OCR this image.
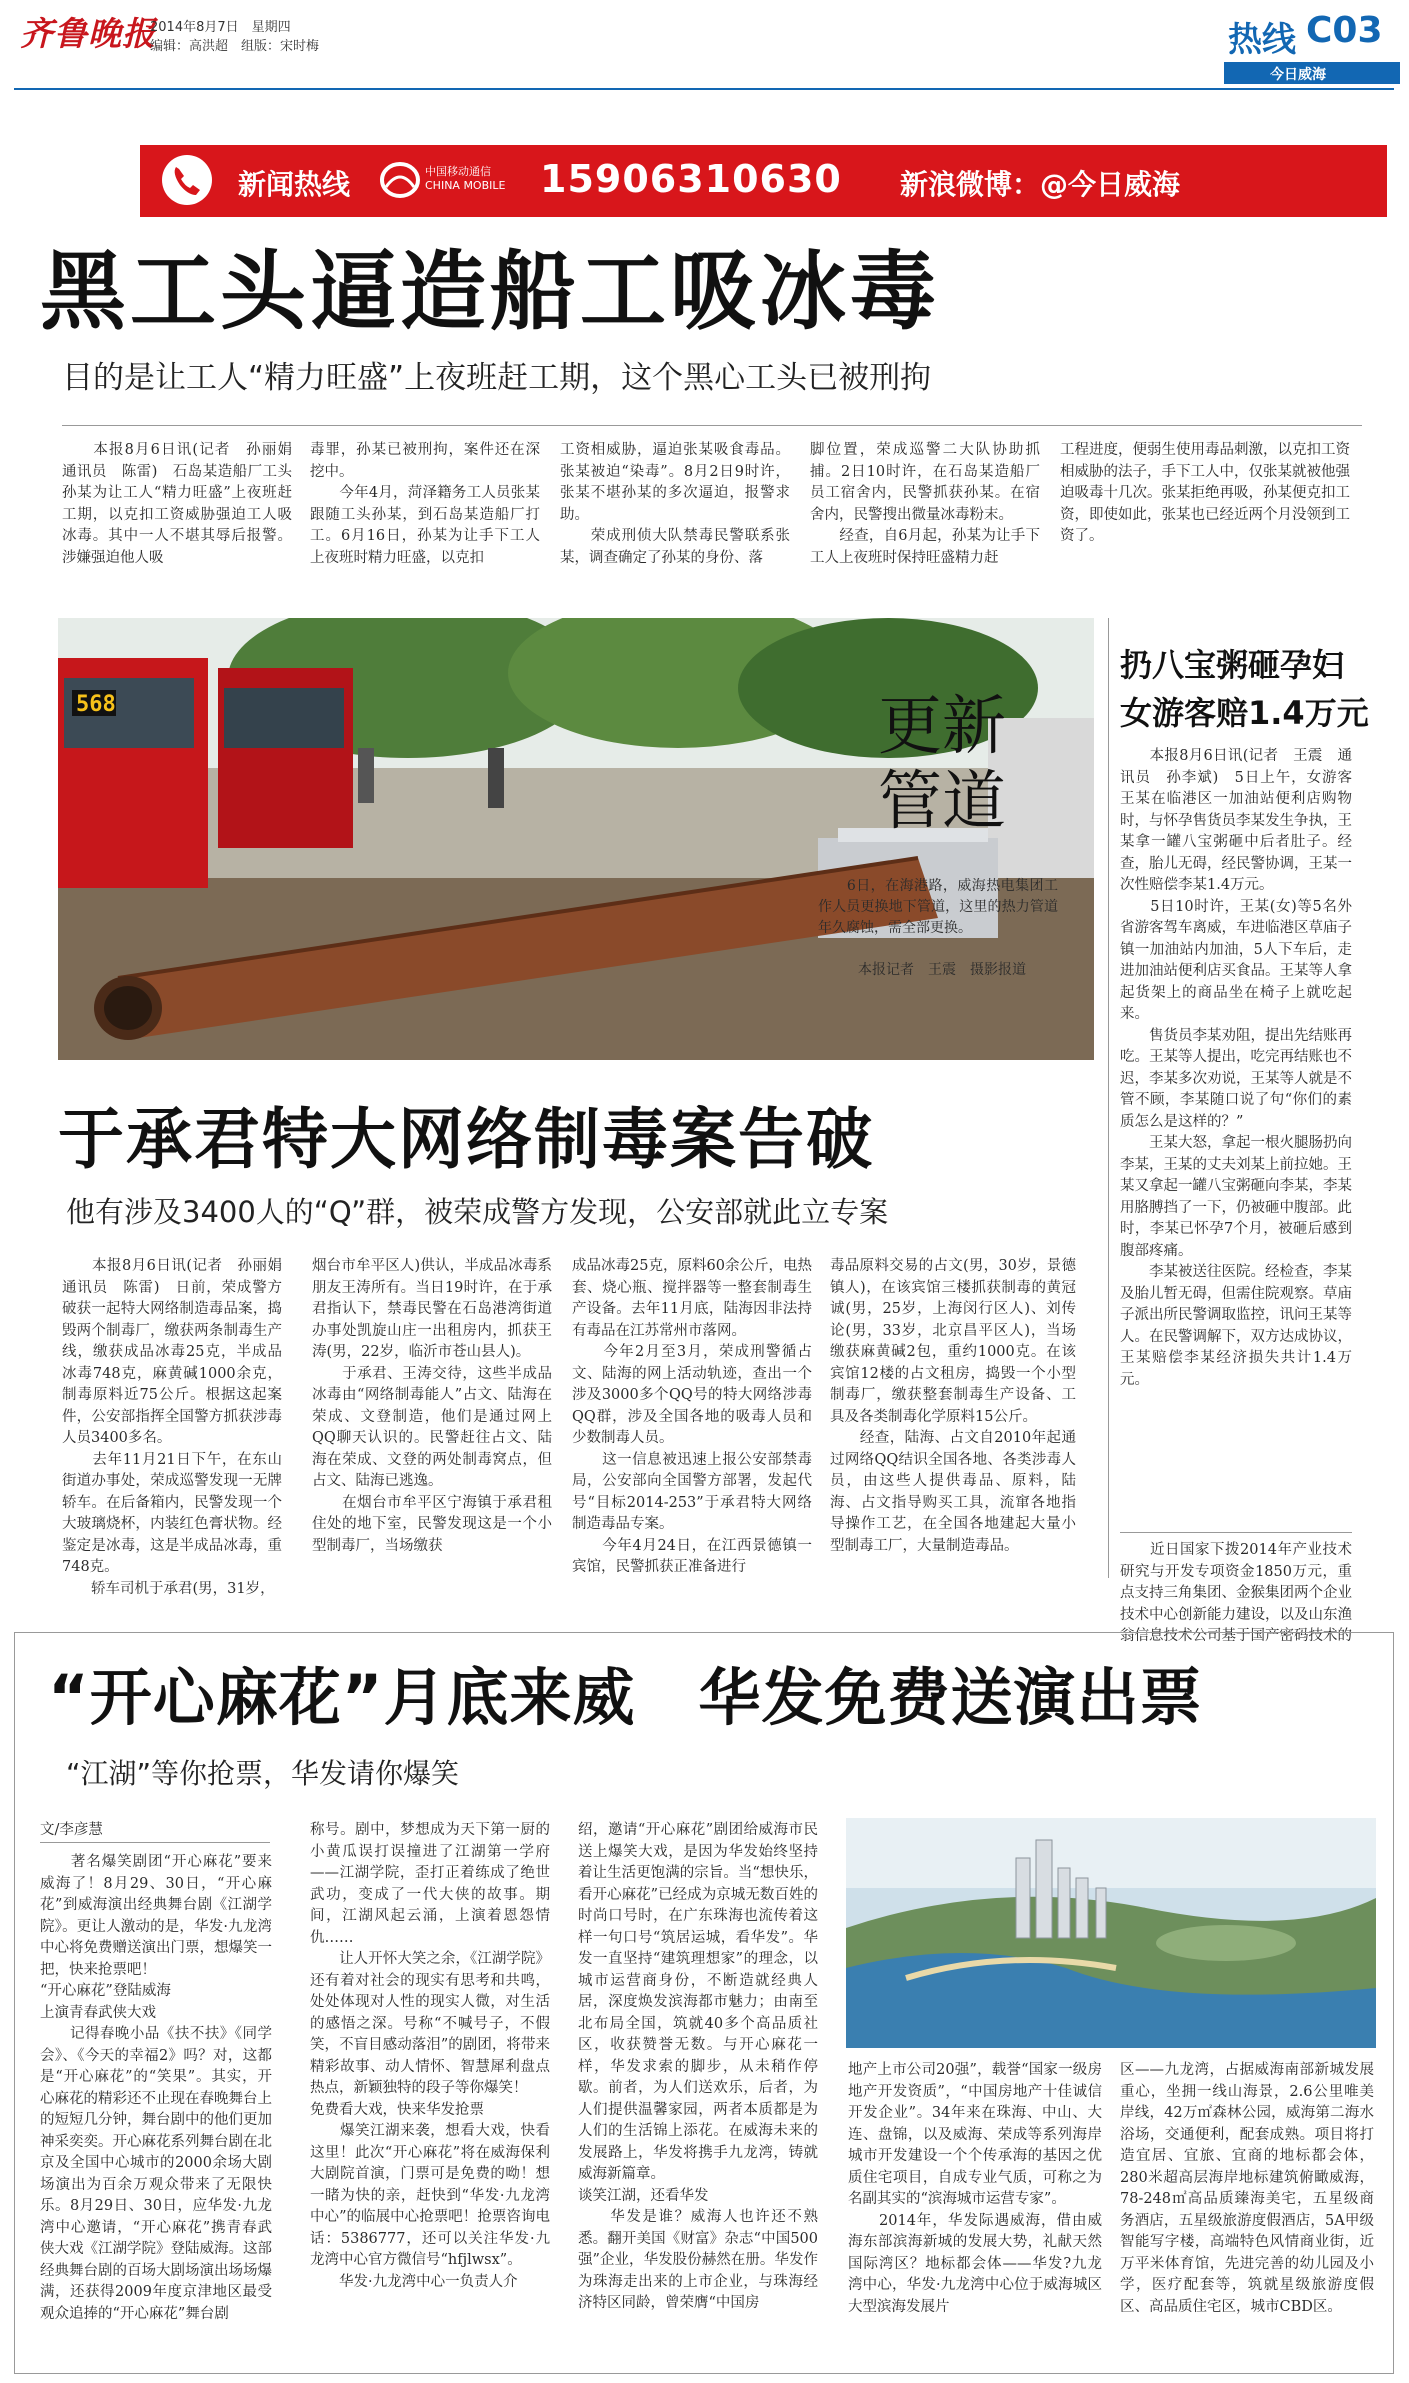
齐鲁晚报
2014年8月7日　星期四
编辑：高洪超　组版：宋时梅	热线 C03
今日威海
新闻热线	中国移动通信 CHINA MOBILE 15906310630 新浪微博：@今日威海
黑工头逼造船工吸冰毒
目的是让工人“精力旺盛”上夜班赶工期，这个黑心工头已被刑拘
　　本报8月6日讯(记者　孙丽娟　通讯员　陈雷)　石岛某造船厂工头孙某为让工人“精力旺盛”上夜班赶工期，以克扣工资威胁强迫工人吸冰毒。其中一人不堪其辱后报警。涉嫌强迫他人吸
毒罪，孙某已被刑拘，案件还在深挖中。
　　今年4月，菏泽籍务工人员张某跟随工头孙某，到石岛某造船厂打工。6月16日，孙某为让手下工人上夜班时精力旺盛，以克扣
工资相威胁，逼迫张某吸食毒品。张某被迫“染毒”。8月2日9时许，张某不堪孙某的多次逼迫，报警求助。
　　荣成刑侦大队禁毒民警联系张某，调查确定了孙某的身份、落
脚位置，荣成巡警二大队协助抓捕。2日10时许，在石岛某造船厂员工宿舍内，民警抓获孙某。在宿舍内，民警搜出微量冰毒粉末。
　　经查，自6月起，孙某为让手下工人上夜班时保持旺盛精力赶
工程进度，便弱生使用毒品刺激，以克扣工资相威胁的法子，手下工人中，仅张某就被他强迫吸毒十几次。张某拒绝再吸，孙某便克扣工资，即使如此，张某也已经近两个月没领到工资了。
568	更新管道
　　6日，在海港路，威海热电集团工作人员更换地下管道，这里的热力管道年久腐蚀，需全部更换。
本报记者　王震　摄影报道
扔八宝粥砸孕妇
女游客赔1.4万元
　　本报8月6日讯(记者　王震　通讯员　孙李斌)　5日上午，女游客王某在临港区一加油站便利店购物时，与怀孕售货员李某发生争执，王某拿一罐八宝粥砸中后者肚子。经查，胎儿无碍，经民警协调，王某一次性赔偿李某1.4万元。
　　5日10时许，王某(女)等5名外省游客驾车离威，车进临港区草庙子镇一加油站内加油，5人下车后，走进加油站便利店买食品。王某等人拿起货架上的商品坐在椅子上就吃起来。
　　售货员李某劝阻，提出先结账再吃。王某等人提出，吃完再结账也不迟，李某多次劝说，王某等人就是不管不顾，李某随口说了句“你们的素质怎么是这样的？”
　　王某大怒，拿起一根火腿肠扔向李某，王某的丈夫刘某上前拉她。王某又拿起一罐八宝粥砸向李某，李某用胳膊挡了一下，仍被砸中腹部。此时，李某已怀孕7个月，被砸后感到腹部疼痛。
　　李某被送往医院。经检查，李某及胎儿暂无碍，但需住院观察。草庙子派出所民警调取监控，讯问王某等人。在民警调解下，双方达成协议，王某赔偿李某经济损失共计1.4万元。
　　近日国家下拨2014年产业技术研究与开发专项资金1850万元，重点支持三角集团、金猴集团两个企业技术中心创新能力建设，以及山东渔翁信息技术公司基于国产密码技术的
于承君特大网络制毒案告破
他有涉及3400人的“Q”群，被荣成警方发现，公安部就此立专案
　　本报8月6日讯(记者　孙丽娟　通讯员　陈雷)　日前，荣成警方破获一起特大网络制造毒品案，捣毁两个制毒厂，缴获两条制毒生产线，缴获成品冰毒25克，半成品冰毒748克，麻黄碱1000余克，制毒原料近75公斤。根据这起案件，公安部指挥全国警方抓获涉毒人员3400多名。
　　去年11月21日下午，在东山街道办事处，荣成巡警发现一无牌轿车。在后备箱内，民警发现一个大玻璃烧杯，内装红色膏状物。经鉴定是冰毒，这是半成品冰毒，重748克。
　　轿车司机于承君(男，31岁，
烟台市牟平区人)供认，半成品冰毒系朋友王涛所有。当日19时许，在于承君指认下，禁毒民警在石岛港湾街道办事处凯旋山庄一出租房内，抓获王涛(男，22岁，临沂市苍山县人)。
　　于承君、王涛交待，这些半成品冰毒由“网络制毒能人”占文、陆海在荣成、文登制造，他们是通过网上QQ聊天认识的。民警赶往占文、陆海在荣成、文登的两处制毒窝点，但占文、陆海已逃逸。
　　在烟台市牟平区宁海镇于承君租住处的地下室，民警发现这是一个小型制毒厂，当场缴获
成品冰毒25克，原料60余公斤，电热套、烧心瓶、搅拌器等一整套制毒生产设备。去年11月底，陆海因非法持有毒品在江苏常州市落网。
　　今年2月至3月，荣成刑警循占文、陆海的网上活动轨迹，查出一个涉及3000多个QQ号的特大网络涉毒QQ群，涉及全国各地的吸毒人员和少数制毒人员。
　　这一信息被迅速上报公安部禁毒局，公安部向全国警方部署，发起代号“目标2014-253”于承君特大网络制造毒品专案。
　　今年4月24日，在江西景德镇一宾馆，民警抓获正准备进行
毒品原料交易的占文(男，30岁，景德镇人)，在该宾馆三楼抓获制毒的黄冠诚(男，25岁，上海闵行区人)、刘传论(男，33岁，北京昌平区人)，当场缴获麻黄碱2包，重约1000克。在该宾馆12楼的占文租房，捣毁一个小型制毒厂，缴获整套制毒生产设备、工具及各类制毒化学原料15公斤。
　　经查，陆海、占文自2010年起通过网络QQ结识全国各地、各类涉毒人员，由这些人提供毒品、原料，陆海、占文指导购买工具，流窜各地指导操作工艺，在全国各地建起大量小型制毒工厂，大量制造毒品。
“开心麻花”月底来威　华发免费送演出票
“江湖”等你抢票，华发请你爆笑
文/李彦慧
　　著名爆笑剧团“开心麻花”要来威海了！8月29、30日，“开心麻花”到威海演出经典舞台剧《江湖学院》。更让人激动的是，华发·九龙湾中心将免费赠送演出门票，想爆笑一把，快来抢票吧！
“开心麻花”登陆威海
上演青春武侠大戏
　　记得春晚小品《扶不扶》《同学会》、《今天的幸福2》吗？对，这都是“开心麻花”的“笑果”。其实，开心麻花的精彩还不止现在春晚舞台上的短短几分钟，舞台剧中的他们更加神采奕奕。开心麻花系列舞台剧在北京及全国中心城市的2000余场大剧场演出为百余万观众带来了无限快乐。8月29日、30日，应华发·九龙湾中心邀请，“开心麻花”携青春武侠大戏《江湖学院》登陆威海。这部经典舞台剧的百场大剧场演出场场爆满，还获得2009年度京津地区最受观众追捧的“开心麻花”舞台剧
称号。剧中，梦想成为天下第一厨的小黄瓜误打误撞进了江湖第一学府——江湖学院，歪打正着练成了绝世武功，变成了一代大侠的故事。期间，江湖风起云涌，上演着恩怨情仇……
　　让人开怀大笑之余，《江湖学院》还有着对社会的现实有思考和共鸣，处处体现对人性的现实人微，对生活的感悟之深。号称“不喊号子，不假笑，不盲目感动落泪”的剧团，将带来精彩故事、动人情怀、智慧犀利盘点热点，新颖独特的段子等你爆笑！
免费看大戏，快来华发抢票
　　爆笑江湖来袭，想看大戏，快看这里！此次“开心麻花”将在威海保利大剧院首演，门票可是免费的呦！想一睹为快的亲，赶快到“华发·九龙湾中心”的临展中心抢票吧！抢票咨询电话：5386777，还可以关注华发·九龙湾中心官方微信号“hfjlwsx”。
　　华发·九龙湾中心一负责人介
绍，邀请“开心麻花”剧团给威海市民送上爆笑大戏，是因为华发始终坚持着让生活更饱满的宗旨。当“想快乐，看开心麻花”已经成为京城无数百姓的时尚口号时，在广东珠海也流传着这样一句口号“筑居运城，看华发”。华发一直坚持“建筑理想家”的理念，以城市运营商身份，不断造就经典人居，深度焕发滨海都市魅力；由南至北布局全国，筑就40多个高品质社区，收获赞誉无数。与开心麻花一样，华发求索的脚步，从未稍作停歇。前者，为人们送欢乐，后者，为人们提供温馨家园，两者本质都是为人们的生活锦上添花。在威海未来的发展路上，华发将携手九龙湾，铸就威海新篇章。
谈笑江湖，还看华发
　　华发是谁？威海人也许还不熟悉。翻开美国《财富》杂志“中国500强”企业，华发股份赫然在册。华发作为珠海走出来的上市企业，与珠海经济特区同龄，曾荣膺“中国房
地产上市公司20强”，载誉“国家一级房地产开发资质”，“中国房地产十佳诚信开发企业”。34年来在珠海、中山、大连、盘锦，以及威海、荣成等系列海岸城市开发建设一个个传承海的基因之优质住宅项目，自成专业气质，可称之为名副其实的“滨海城市运营专家”。
　　2014年，华发际遇威海，借由威海东部滨海新城的发展大势，礼献天然国际湾区？地标都会体——华发?九龙湾中心，华发·九龙湾中心位于威海城区大型滨海发展片
区——九龙湾，占据威海南部新城发展重心，坐拥一线山海景，2.6公里唯美岸线，42万㎡森林公园，威海第二海水浴场，交通便利，配套成熟。项目将打造宜居、宜旅、宜商的地标都会体，280米超高层海岸地标建筑俯瞰威海，78-248㎡高品质臻海美宅，五星级商务酒店，五星级旅游度假酒店，5A甲级智能写字楼，高端特色风情商业街，近万平米体育馆，先进完善的幼儿园及小学，医疗配套等，筑就星级旅游度假区、高品质住宅区，城市CBD区。
